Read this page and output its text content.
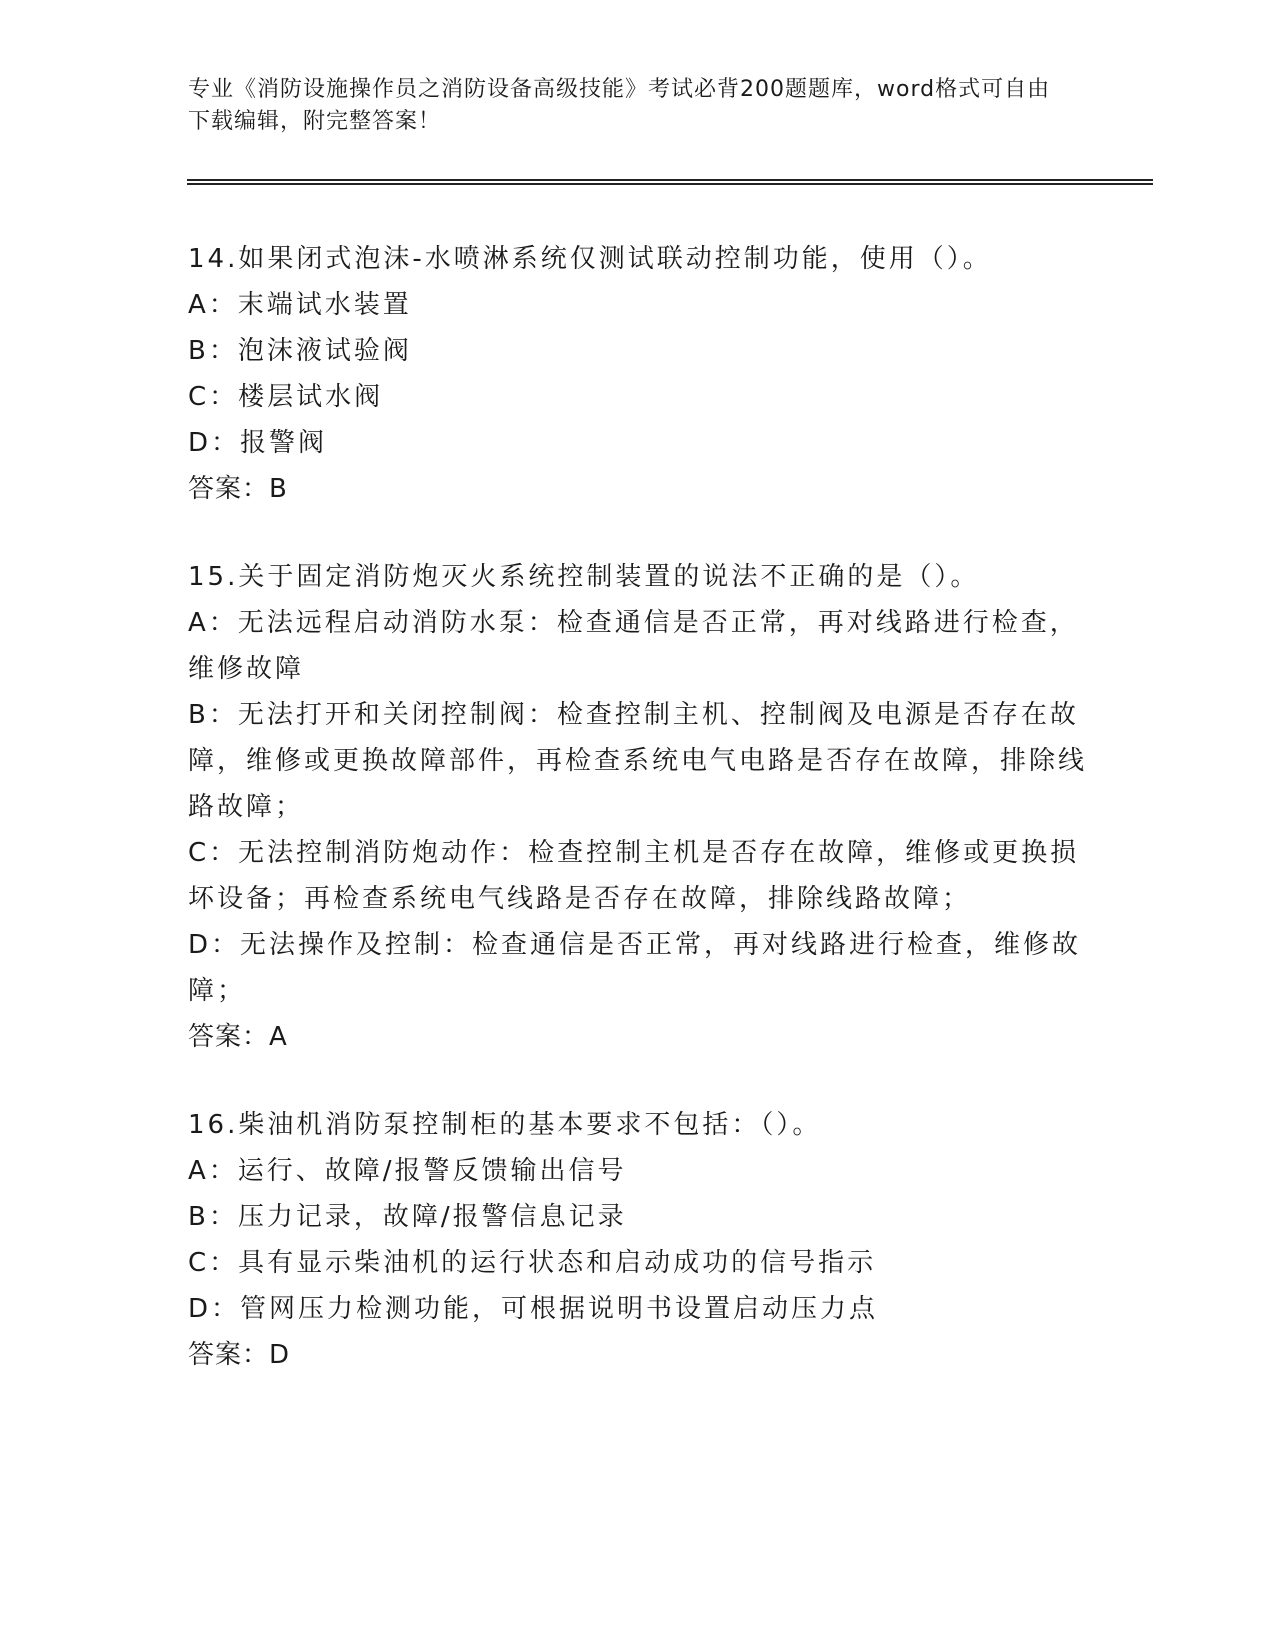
专业《消防设施操作员之消防设备高级技能》考试必背200题题库，word格式可自由下载编辑，附完整答案！

14.如果闭式泡沫-水喷淋系统仅测试联动控制功能，使用（）。

A：末端试水装置

B：泡沫液试验阀

C：楼层试水阀

D：报警阀

答案：B

15.关于固定消防炮灭火系统控制装置的说法不正确的是（）。

A：无法远程启动消防水泵：检查通信是否正常，再对线路进行检查，维修故障

B：无法打开和关闭控制阀：检查控制主机、控制阀及电源是否存在故障，维修或更换故障部件，再检查系统电气电路是否存在故障，排除线路故障；

C：无法控制消防炮动作：检查控制主机是否存在故障，维修或更换损坏设备；再检查系统电气线路是否存在故障，排除线路故障；

D：无法操作及控制：检查通信是否正常，再对线路进行检查，维修故障；

答案：A

16.柴油机消防泵控制柜的基本要求不包括：（）。

A：运行、故障/报警反馈输出信号

B：压力记录，故障/报警信息记录

C：具有显示柴油机的运行状态和启动成功的信号指示

D：管网压力检测功能，可根据说明书设置启动压力点

答案：D
